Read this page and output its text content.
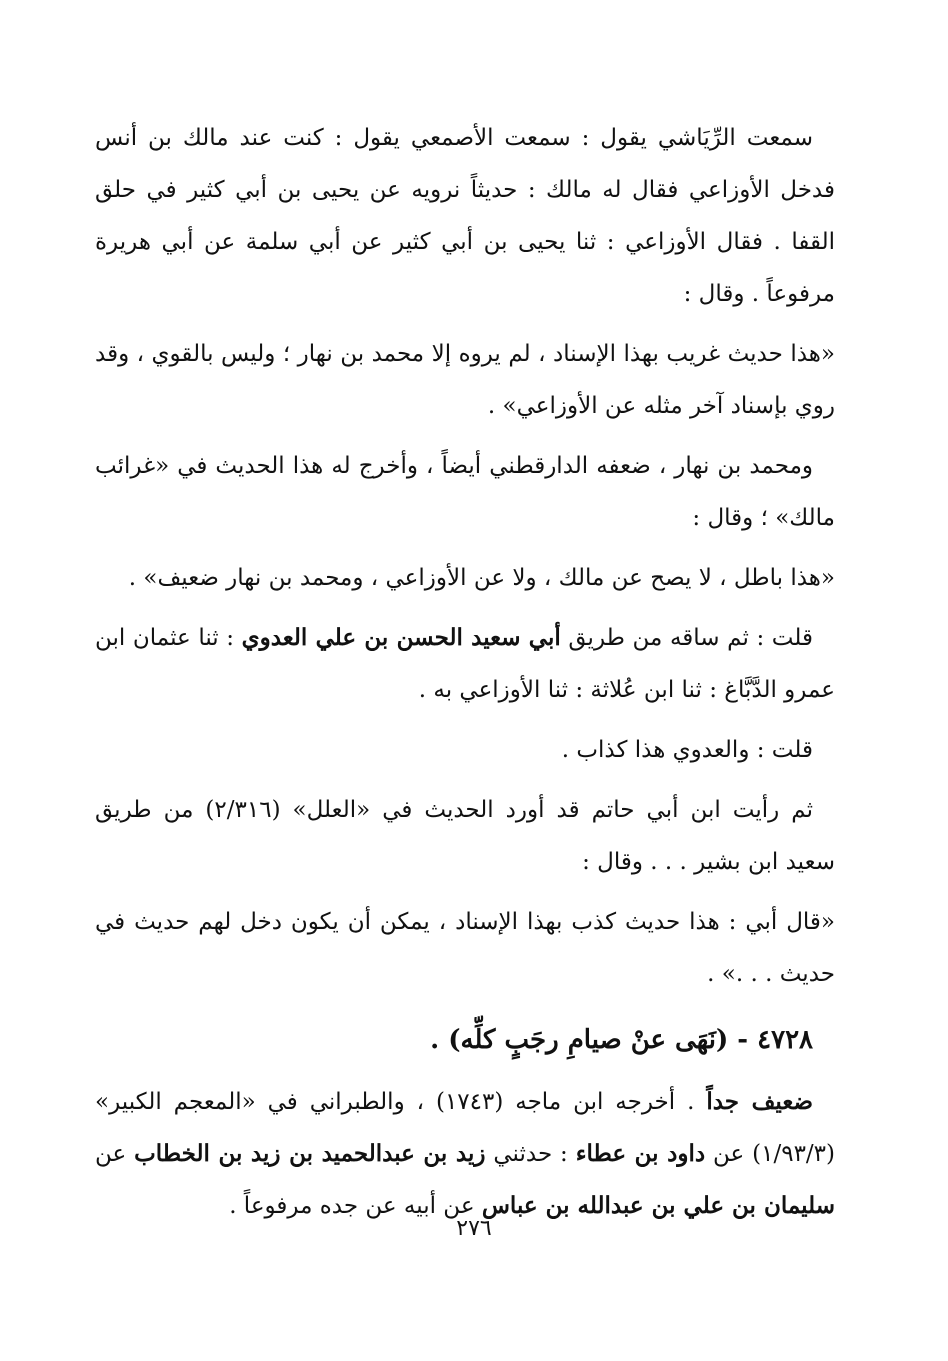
سمعت الرِّيَاشي يقول : سمعت الأصمعي يقول : كنت عند مالك بن أنس فدخل الأوزاعي فقال له مالك : حديثاً نرويه عن يحيى بن أبي كثير في حلق القفا . فقال الأوزاعي : ثنا يحيى بن أبي كثير عن أبي سلمة عن أبي هريرة مرفوعاً . وقال :

«هذا حديث غريب بهذا الإسناد ، لم يروه إلا محمد بن نهار ؛ وليس بالقوي ، وقد روي بإسناد آخر مثله عن الأوزاعي» .

ومحمد بن نهار ، ضعفه الدارقطني أيضاً ، وأخرج له هذا الحديث في «غرائب مالك» ؛ وقال :

«هذا باطل ، لا يصح عن مالك ، ولا عن الأوزاعي ، ومحمد بن نهار ضعيف» .

قلت : ثم ساقه من طريق أبي سعيد الحسن بن علي العدوي : ثنا عثمان ابن عمرو الدَّبَّاغ : ثنا ابن عُلاثة : ثنا الأوزاعي به .

قلت : والعدوي هذا كذاب .

ثم رأيت ابن أبي حاتم قد أورد الحديث في «العلل» (٢/٣١٦) من طريق سعيد ابن بشير . . . وقال :

«قال أبي : هذا حديث كذب بهذا الإسناد ، يمكن أن يكون دخل لهم حديث في حديث . . .» .

٤٧٢٨ - (نَهَى عنْ صيامِ رجَبٍ كلِّه) .

ضعيف جداً . أخرجه ابن ماجه (١٧٤٣) ، والطبراني في «المعجم الكبير» (١/٩٣/٣) عن داود بن عطاء : حدثني زيد بن عبدالحميد بن زيد بن الخطاب عن سليمان بن علي بن عبدالله بن عباس عن أبيه عن جده مرفوعاً .

٢٧٦
